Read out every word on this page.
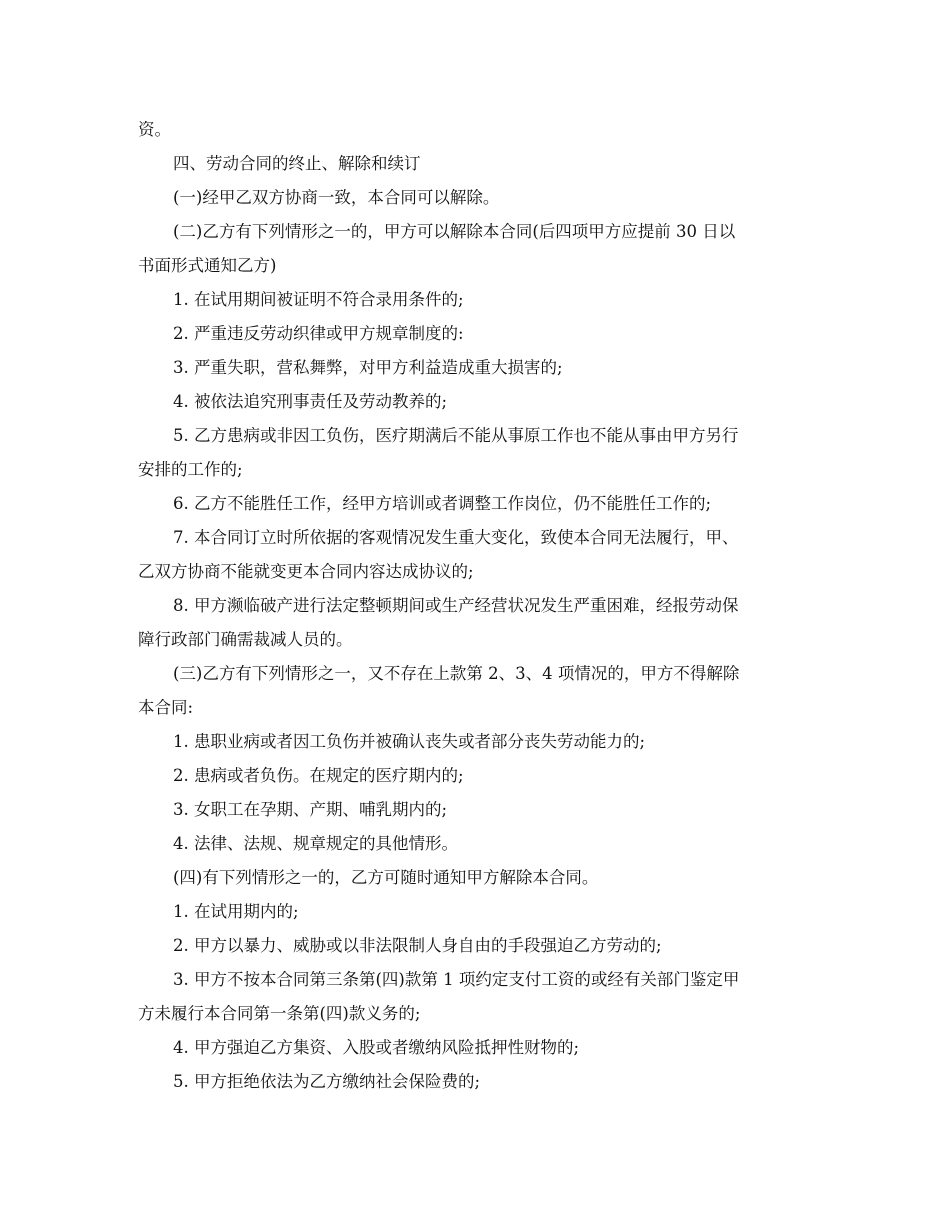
资。
四、劳动合同的终止、解除和续订
(一)经甲乙双方协商一致，本合同可以解除。
(二)乙方有下列情形之一的，甲方可以解除本合同(后四项甲方应提前 30 日以
书面形式通知乙方)
1. 在试用期间被证明不符合录用条件的;
2. 严重违反劳动织律或甲方规章制度的:
3. 严重失职，营私舞弊，对甲方利益造成重大损害的;
4. 被依法追究刑事责任及劳动教养的;
5. 乙方患病或非因工负伤，医疗期满后不能从事原工作也不能从事由甲方另行
安排的工作的;
6. 乙方不能胜任工作，经甲方培训或者调整工作岗位，仍不能胜任工作的;
7. 本合同订立时所依据的客观情况发生重大变化，致使本合同无法履行，甲、
乙双方协商不能就变更本合同内容达成协议的;
8. 甲方濒临破产进行法定整顿期间或生产经营状况发生严重困难，经报劳动保
障行政部门确需裁减人员的。
(三)乙方有下列情形之一，又不存在上款第 2、3、4 项情况的，甲方不得解除
本合同:
1. 患职业病或者因工负伤并被确认丧失或者部分丧失劳动能力的;
2. 患病或者负伤。在规定的医疗期内的;
3. 女职工在孕期、产期、哺乳期内的;
4. 法律、法规、规章规定的具他情形。
(四)有下列情形之一的，乙方可随时通知甲方解除本合同。
1. 在试用期内的;
2. 甲方以暴力、威胁或以非法限制人身自由的手段强迫乙方劳动的;
3. 甲方不按本合同第三条第(四)款第 1 项约定支付工资的或经有关部门鉴定甲
方未履行本合同第一条第(四)款义务的;
4. 甲方强迫乙方集资、入股或者缴纳风险抵押性财物的;
5. 甲方拒绝依法为乙方缴纳社会保险费的;
